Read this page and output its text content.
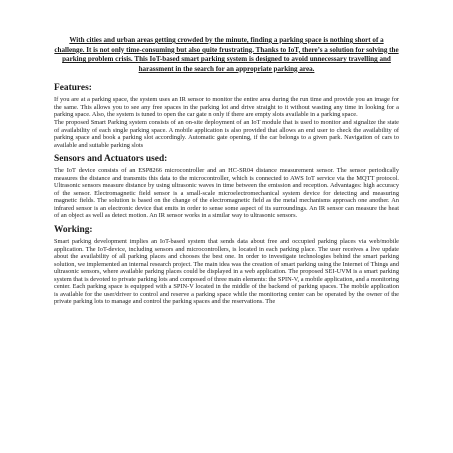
With cities and urban areas getting crowded by the minute, finding a parking space is nothing short of a challenge. It is not only time-consuming but also quite frustrating. Thanks to IoT, there’s a solution for solving the parking problem crisis. This IoT-based smart parking system is designed to avoid unnecessary travelling and harassment in the search for an appropriate parking area.
Features:

If you are at a parking space, the system uses an IR sensor to monitor the entire area during the run time and provide you an image for the same. This allows you to see any free spaces in the parking lot and drive straight to it without wasting any time in looking for a parking space. Also, the system is tuned to open the car gate n only if there are empty slots available in a parking space.

The proposed Smart Parking system consists of an on-site deployment of an IoT module that is used to monitor and signalize the state of availability of each single parking space. A mobile application is also provided that allows an end user to check the availability of parking space and book a parking slot accordingly. Automatic gate opening, if the car belongs to a given park. Navigation of cars to available and suitable parking slots

Sensors and Actuators used:

The IoT device consists of an ESP8266 microcontroller and an HC-SR04 distance measurement sensor. The sensor periodically measures the distance and transmits this data to the microcontroller, which is connected to AWS IoT service via the MQTT protocol. Ultrasonic sensors measure distance by using ultrasonic waves in time between the emission and reception. Advantages: high accuracy of the sensor. Electromagnetic field sensor is a small-scale microelectromechanical system device for detecting and measuring magnetic fields. The solution is based on the change of the electromagnetic field as the metal mechanisms approach one another. An infrared sensor is an electronic device that emits in order to sense some aspect of its surroundings. An IR sensor can measure the heat of an object as well as detect motion. An IR sensor works in a similar way to ultrasonic sensors.

Working:

Smart parking development implies an IoT-based system that sends data about free and occupied parking places via web/mobile application. The IoT-device, including sensors and microcontrollers, is located in each parking place. The user receives a live update about the availability of all parking places and chooses the best one. In order to investigate technologies behind the smart parking solution, we implemented an internal research project. The main idea was the creation of smart parking using the Internet of Things and ultrasonic sensors, where available parking places could be displayed in a web application. The proposed SEI-UVM is a smart parking system that is devoted to private parking lots and composed of three main elements: the SPIN-V, a mobile application, and a monitoring center. Each parking space is equipped with a SPIN-V located in the middle of the backend of parking spaces. The mobile application is available for the user/driver to control and reserve a parking space while the monitoring center can be operated by the owner of the private parking lots to manage and control the parking spaces and the reservations. The
